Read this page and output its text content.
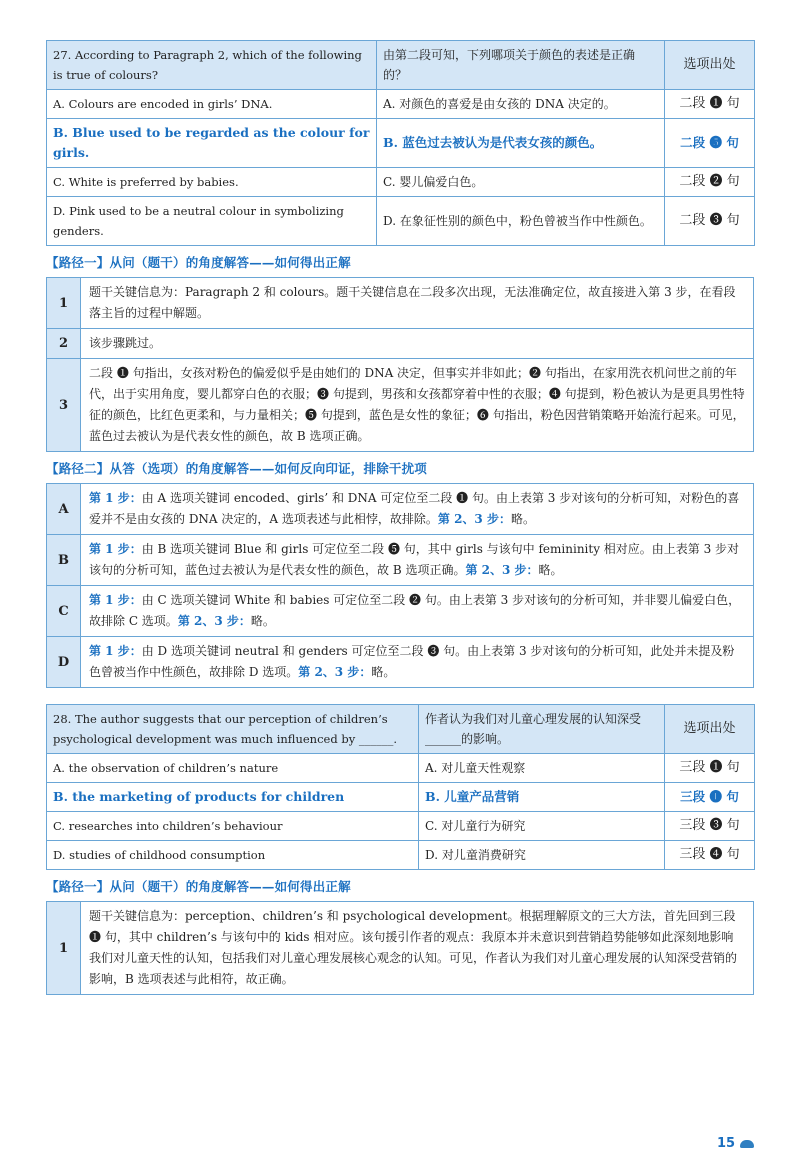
27. According to Paragraph 2, which of the following is true of colours?	由第二段可知，下列哪项关于颜色的表述是正确的？	选项出处
A. Colours are encoded in girls’ DNA.	A. 对颜色的喜爱是由女孩的 DNA 决定的。	二段 ❶ 句
B. Blue used to be regarded as the colour for girls.	B. 蓝色过去被认为是代表女孩的颜色。	二段 ❺ 句
C. White is preferred by babies.	C. 婴儿偏爱白色。	二段 ❷ 句
D. Pink used to be a neutral colour in symbolizing genders.	D. 在象征性别的颜色中，粉色曾被当作中性颜色。	二段 ❸ 句
【路径一】从问（题干）的角度解答——如何得出正解
1	题干关键信息为：Paragraph 2 和 colours。题干关键信息在二段多次出现，无法准确定位，故直接进入第 3 步，在看段落主旨的过程中解题。
2	该步骤跳过。
3	二段 ❶ 句指出，女孩对粉色的偏爱似乎是由她们的 DNA 决定，但事实并非如此；❷ 句指出，在家用洗衣机问世之前的年代，出于实用角度，婴儿都穿白色的衣服；❸ 句提到，男孩和女孩都穿着中性的衣服；❹ 句提到，粉色被认为是更具男性特征的颜色，比红色更柔和，与力量相关；❺ 句提到，蓝色是女性的象征；❻ 句指出，粉色因营销策略开始流行起来。可见，蓝色过去被认为是代表女性的颜色，故 B 选项正确。
【路径二】从答（选项）的角度解答——如何反向印证，排除干扰项
A	第 1 步：由 A 选项关键词 encoded、girls’ 和 DNA 可定位至二段 ❶ 句。由上表第 3 步对该句的分析可知，对粉色的喜爱并不是由女孩的 DNA 决定的，A 选项表述与此相悖，故排除。第 2、3 步：略。
B	第 1 步：由 B 选项关键词 Blue 和 girls 可定位至二段 ❺ 句，其中 girls 与该句中 femininity 相对应。由上表第 3 步对该句的分析可知，蓝色过去被认为是代表女性的颜色，故 B 选项正确。第 2、3 步：略。
C	第 1 步：由 C 选项关键词 White 和 babies 可定位至二段 ❷ 句。由上表第 3 步对该句的分析可知，并非婴儿偏爱白色，故排除 C 选项。第 2、3 步：略。
D	第 1 步：由 D 选项关键词 neutral 和 genders 可定位至二段 ❸ 句。由上表第 3 步对该句的分析可知，此处并未提及粉色曾被当作中性颜色，故排除 D 选项。第 2、3 步：略。
28. The author suggests that our perception of children’s psychological development was much influenced by ______.	作者认为我们对儿童心理发展的认知深受______的影响。	选项出处
A. the observation of children’s nature	A. 对儿童天性观察	三段 ❶ 句
B. the marketing of products for children	B. 儿童产品营销	三段 ❶ 句
C. researches into children’s behaviour	C. 对儿童行为研究	三段 ❸ 句
D. studies of childhood consumption	D. 对儿童消费研究	三段 ❹ 句
【路径一】从问（题干）的角度解答——如何得出正解
1	题干关键信息为：perception、children’s 和 psychological development。根据理解原文的三大方法，首先回到三段 ❶ 句，其中 children’s 与该句中的 kids 相对应。该句援引作者的观点：我原本并未意识到营销趋势能够如此深刻地影响我们对儿童天性的认知，包括我们对儿童心理发展核心观念的认知。可见，作者认为我们对儿童心理发展的认知深受营销的影响，B 选项表述与此相符，故正确。
15
